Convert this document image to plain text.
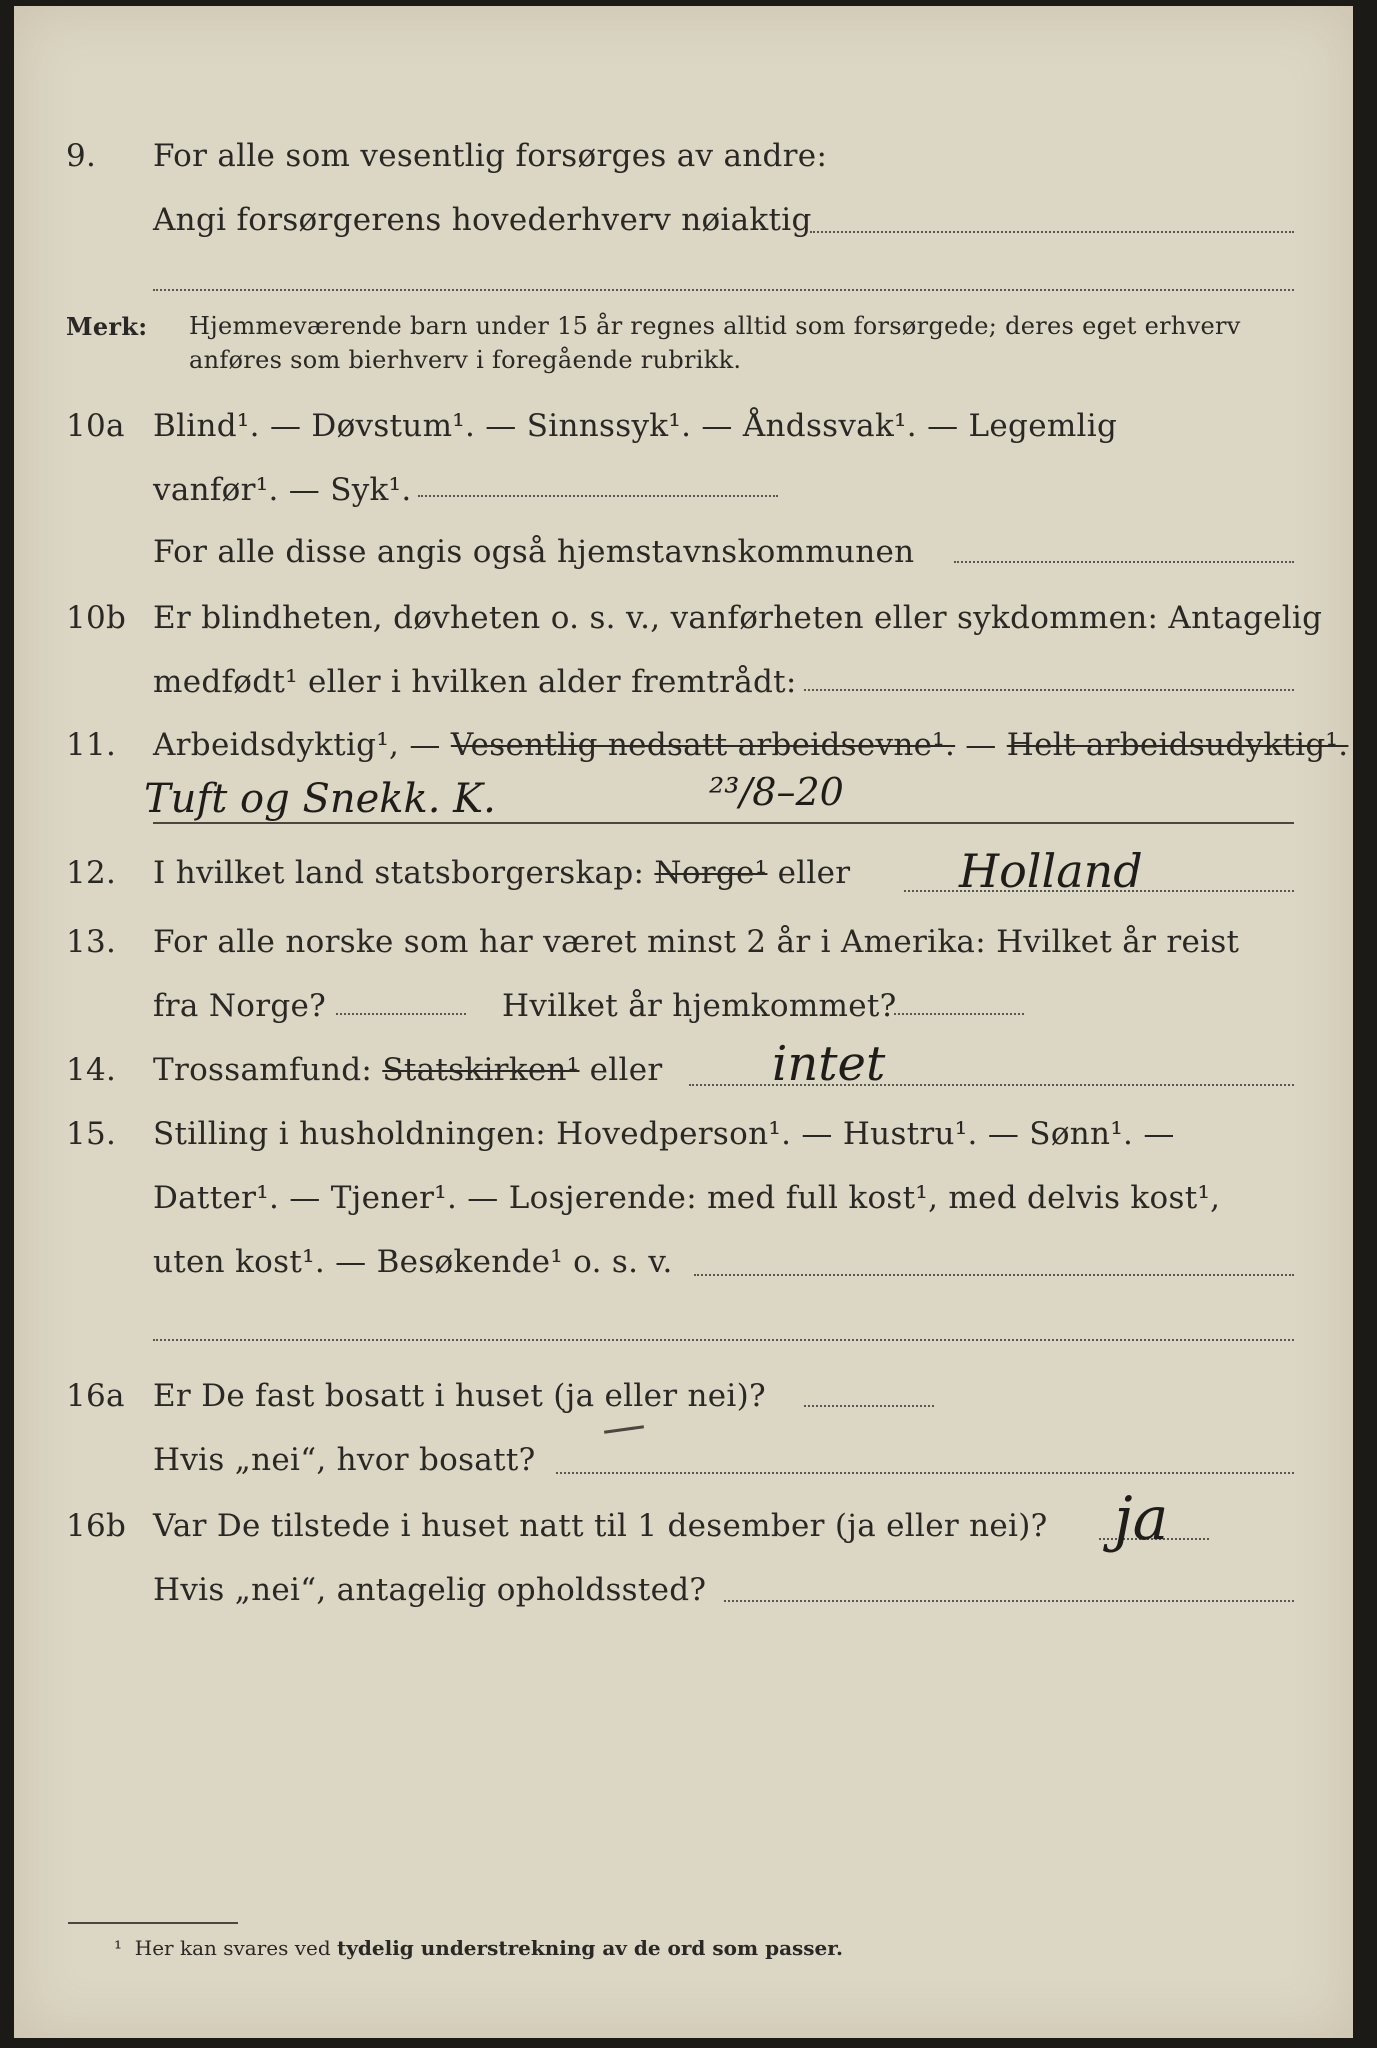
9. For alle som vesentlig forsørges av andre:
Angi forsørgerens hovederhverv nøiaktig
Merk: Hjemmeværende barn under 15 år regnes alltid som forsørgede; deres eget erhverv
anføres som bierhverv i foregående rubrikk.
10a Blind¹. — Døvstum¹. — Sinnssyk¹. — Åndssvak¹. — Legemlig
vanfør¹. — Syk¹.
For alle disse angis også hjemstavnskommunen
10b Er blindheten, døvheten o. s. v., vanførheten eller sykdommen: Antagelig
medfødt¹ eller i hvilken alder fremtrådt:
11. Arbeidsdyktig¹, — Vesentlig nedsatt arbeidsevne¹. — Helt arbeidsudyktig¹.
Tuft og Snekk. K.	²³/8–20
12. I hvilket land statsborgerskap: Norge¹ eller Holland
13. For alle norske som har været minst 2 år i Amerika: Hvilket år reist
fra Norge?	Hvilket år hjemkommet?
14. Trossamfund: Statskirken¹ eller intet
15. Stilling i husholdningen: Hovedperson¹. — Hustru¹. — Sønn¹. —
Datter¹. — Tjener¹. — Losjerende: med full kost¹, med delvis kost¹,
uten kost¹. — Besøkende¹ o. s. v.
16a Er De fast bosatt i huset (ja eller nei)?
Hvis „nei“, hvor bosatt?
16b Var De tilstede i huset natt til 1 desember (ja eller nei)? ja
Hvis „nei“, antagelig opholdssted?
¹ Her kan svares ved tydelig understrekning av de ord som passer.
